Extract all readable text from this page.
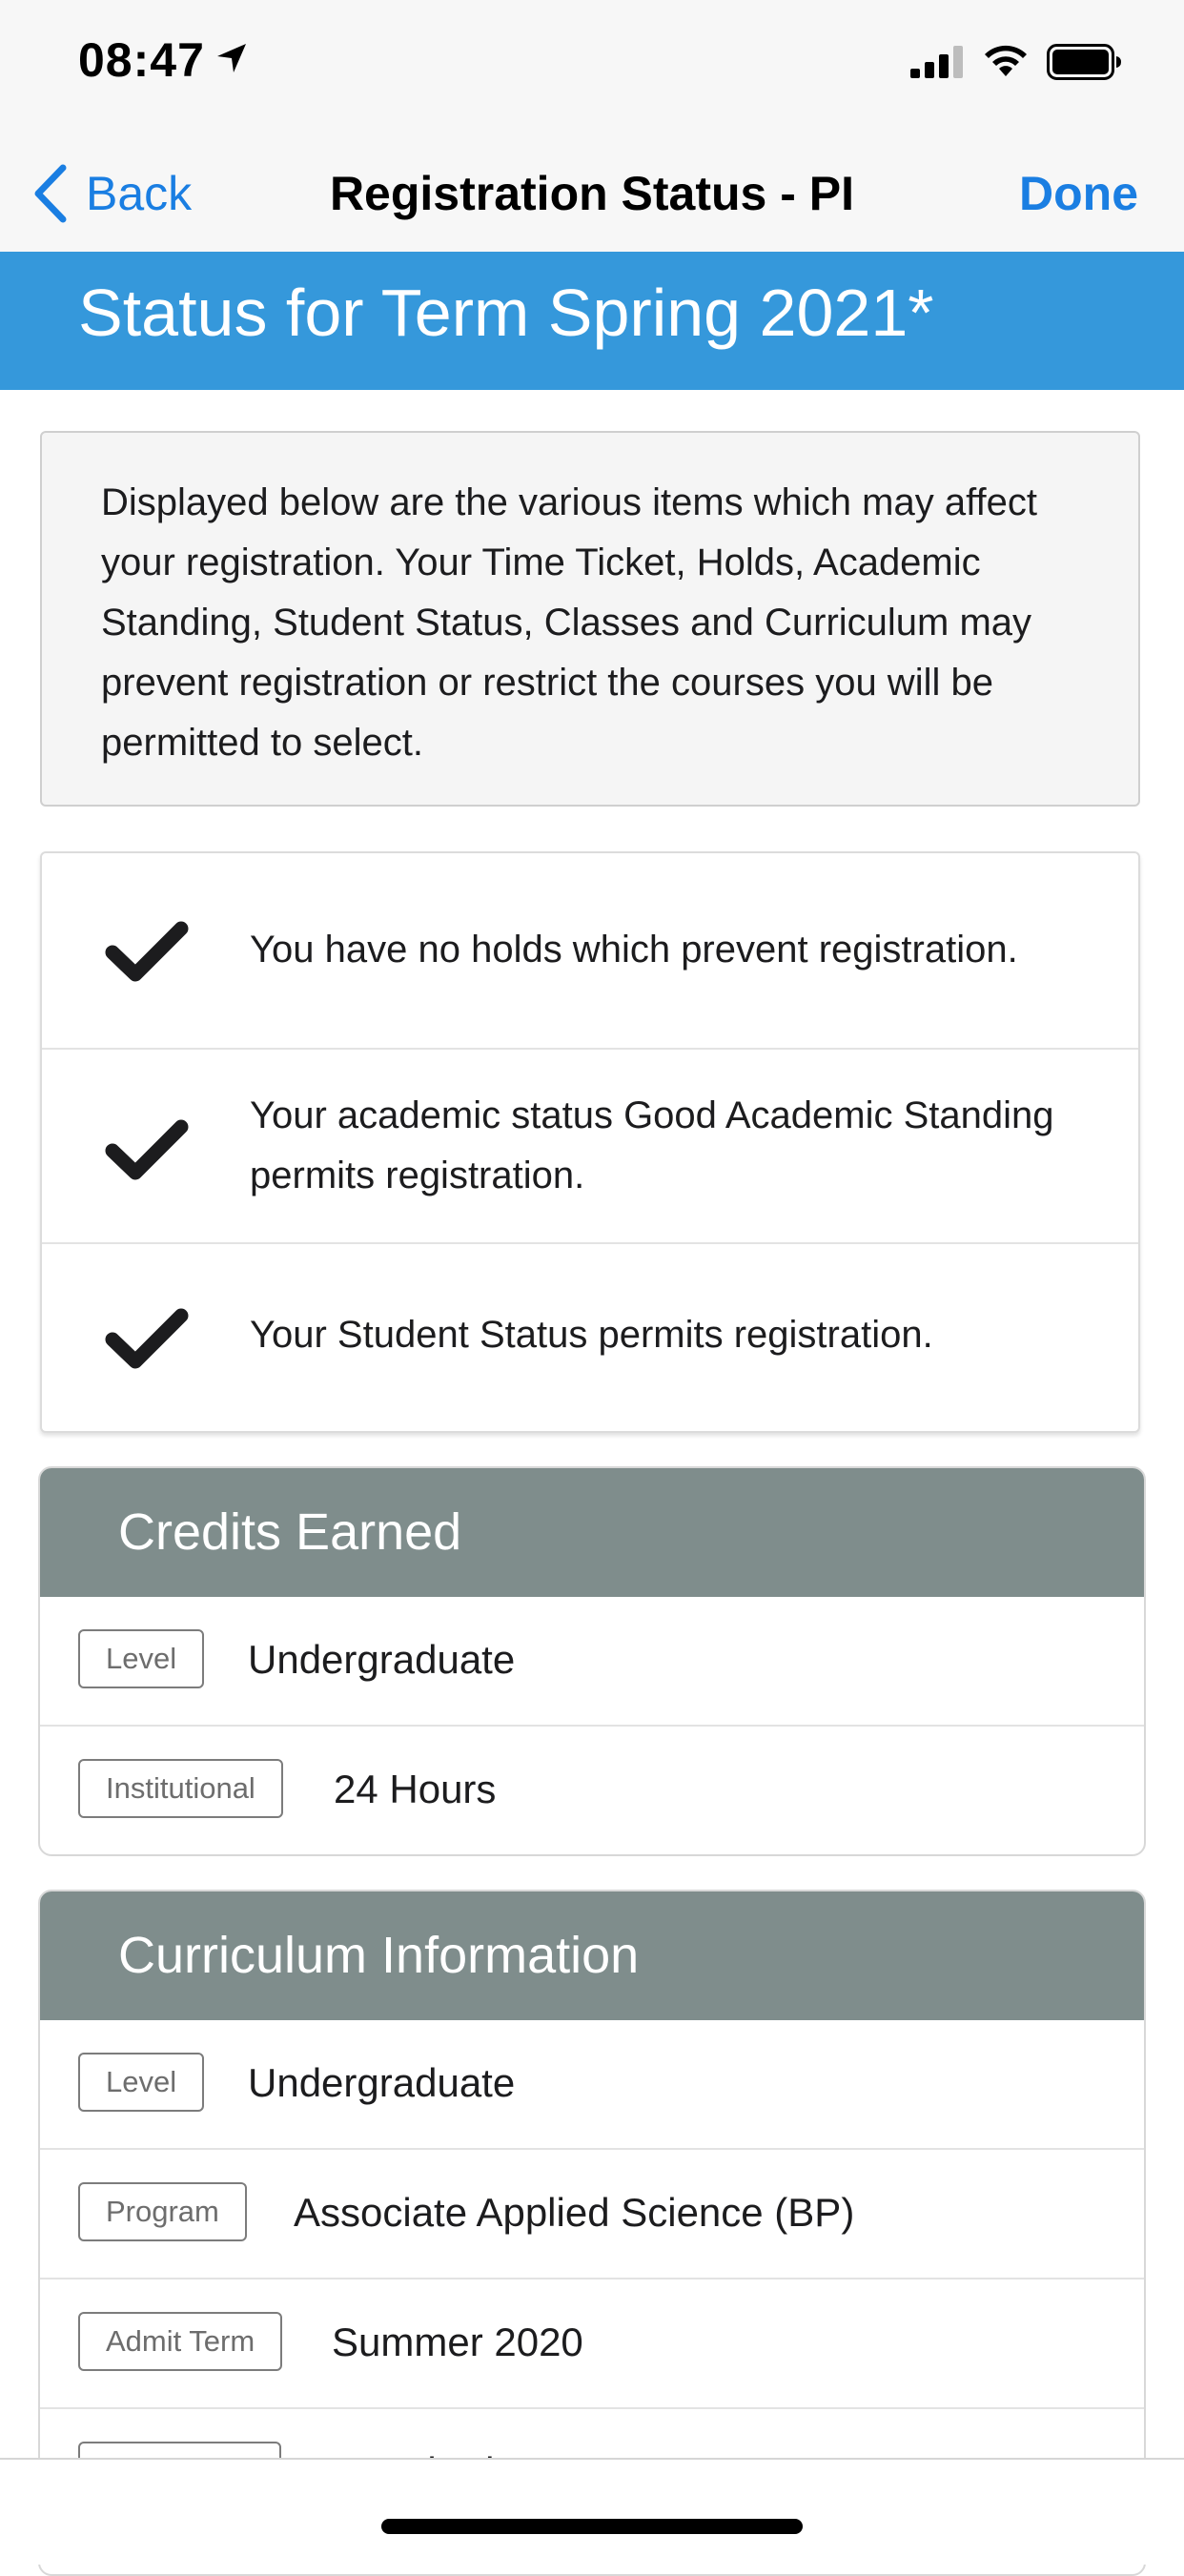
08:47
Back	Registration Status - PI	Done
Status for Term Spring 2021*

Displayed below are the various items which may affect your registration. Your Time Ticket, Holds, Academic Standing, Student Status, Classes and Curriculum may prevent registration or restrict the courses you will be permitted to select.

You have no holds which prevent registration.
Your academic status Good Academic Standing permits registration.
Your Student Status permits registration.
Credits Earned
Level	Undergraduate
Institutional	24 Hours
Curriculum Information
Level	Undergraduate
Program	Associate Applied Science (BP)
Admit Term	Summer 2020
